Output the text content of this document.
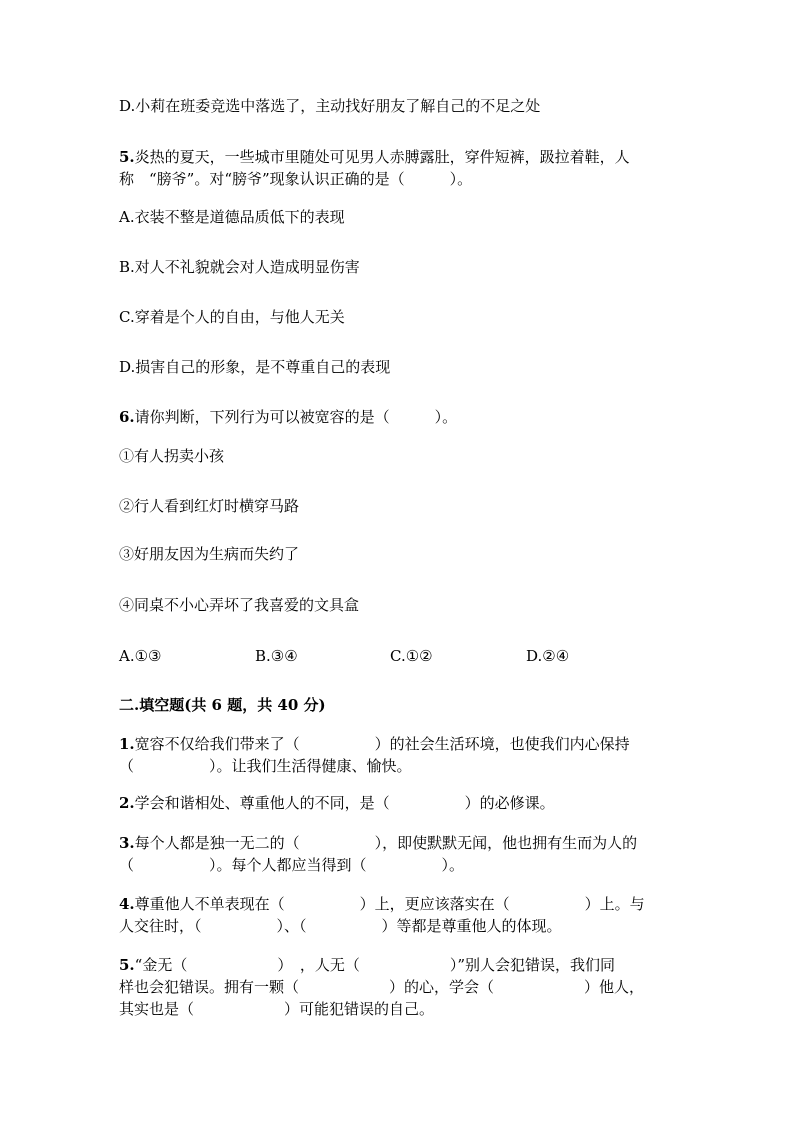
D.小莉在班委竞选中落选了，主动找好朋友了解自己的不足之处
5.炎热的夏天，一些城市里随处可见男人赤膊露肚，穿件短裤，趿拉着鞋，人
称　“膀爷”。对“膀爷”现象认识正确的是（　　　）。
A.衣装不整是道德品质低下的表现
B.对人不礼貌就会对人造成明显伤害
C.穿着是个人的自由，与他人无关
D.损害自己的形象，是不尊重自己的表现
6.请你判断，下列行为可以被宽容的是（　　　）。
①有人拐卖小孩
②行人看到红灯时横穿马路
③好朋友因为生病而失约了
④同桌不小心弄坏了我喜爱的文具盒
A.①③	B.③④	C.①②	D.②④
二.填空题(共 6 题，共 40 分)
1.宽容不仅给我们带来了（　　　　　）的社会生活环境，也使我们内心保持
（　　　　　）。让我们生活得健康、愉快。
2.学会和谐相处、尊重他人的不同，是（　　　　　）的必修课。
3.每个人都是独一无二的（　　　　　），即使默默无闻，他也拥有生而为人的
（　　　　　）。每个人都应当得到（　　　　　）。
4.尊重他人不单表现在（　　　　　）上，更应该落实在（　　　　　）上。与
人交往时，（　　　　　）、（　　　　　）等都是尊重他人的体现。
5.“金无（　　　　　　）　，人无（　　　　　　）”别人会犯错误，我们同
样也会犯错误。拥有一颗（　　　　　　）的心，学会（　　　　　　）他人，
其实也是（　　　　　　）可能犯错误的自己。
